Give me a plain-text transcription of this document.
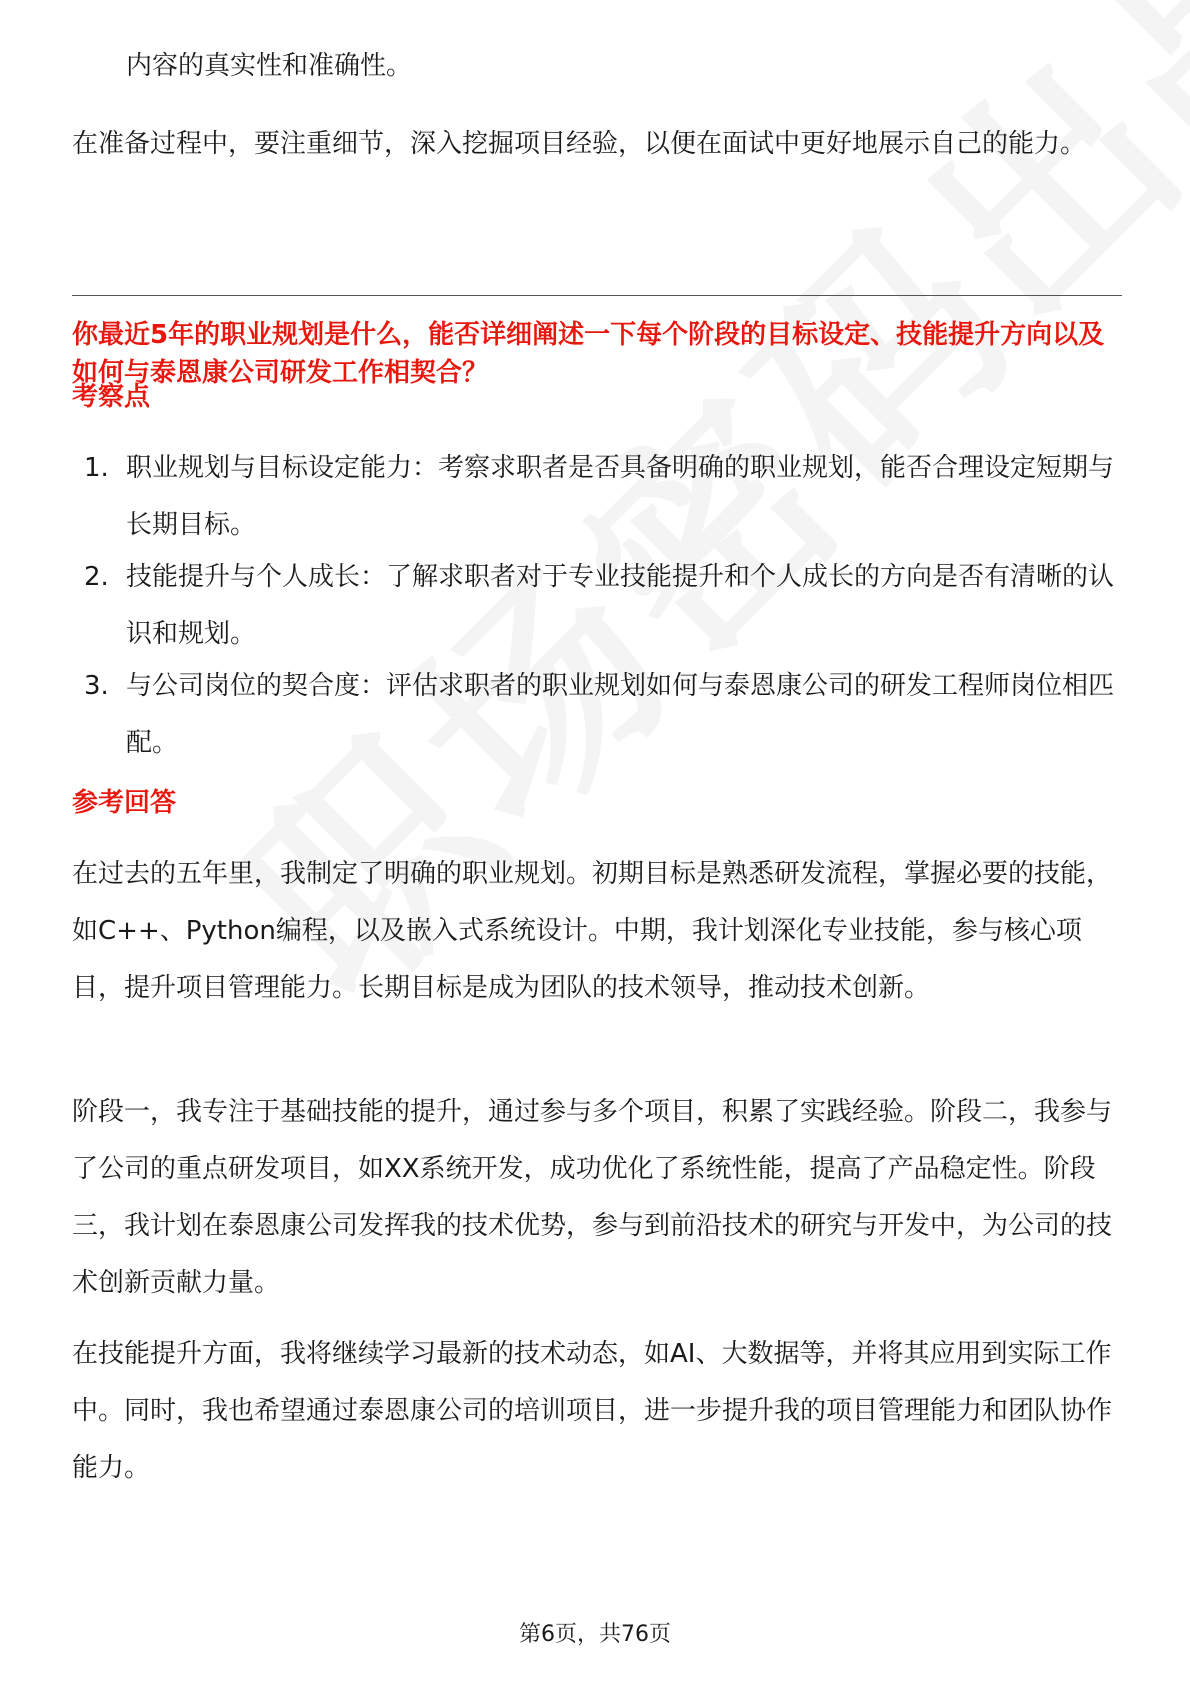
内容的真实性和准确性。

在准备过程中，要注重细节，深入挖掘项目经验，以便在面试中更好地展示自己的能力。

你最近5年的职业规划是什么，能否详细阐述一下每个阶段的目标设定、技能提升方向以及如何与泰恩康公司研发工作相契合？

考察点

1. 职业规划与目标设定能力：考察求职者是否具备明确的职业规划，能否合理设定短期与长期目标。
2. 技能提升与个人成长：了解求职者对于专业技能提升和个人成长的方向是否有清晰的认识和规划。
3. 与公司岗位的契合度：评估求职者的职业规划如何与泰恩康公司的研发工程师岗位相匹配。

参考回答

在过去的五年里，我制定了明确的职业规划。初期目标是熟悉研发流程，掌握必要的技能，如C++、Python编程，以及嵌入式系统设计。中期，我计划深化专业技能，参与核心项目，提升项目管理能力。长期目标是成为团队的技术领导，推动技术创新。

阶段一，我专注于基础技能的提升，通过参与多个项目，积累了实践经验。阶段二，我参与了公司的重点研发项目，如XX系统开发，成功优化了系统性能，提高了产品稳定性。阶段三，我计划在泰恩康公司发挥我的技术优势，参与到前沿技术的研究与开发中，为公司的技术创新贡献力量。

在技能提升方面，我将继续学习最新的技术动态，如AI、大数据等，并将其应用到实际工作中。同时，我也希望通过泰恩康公司的培训项目，进一步提升我的项目管理能力和团队协作能力。

第6页，共76页
